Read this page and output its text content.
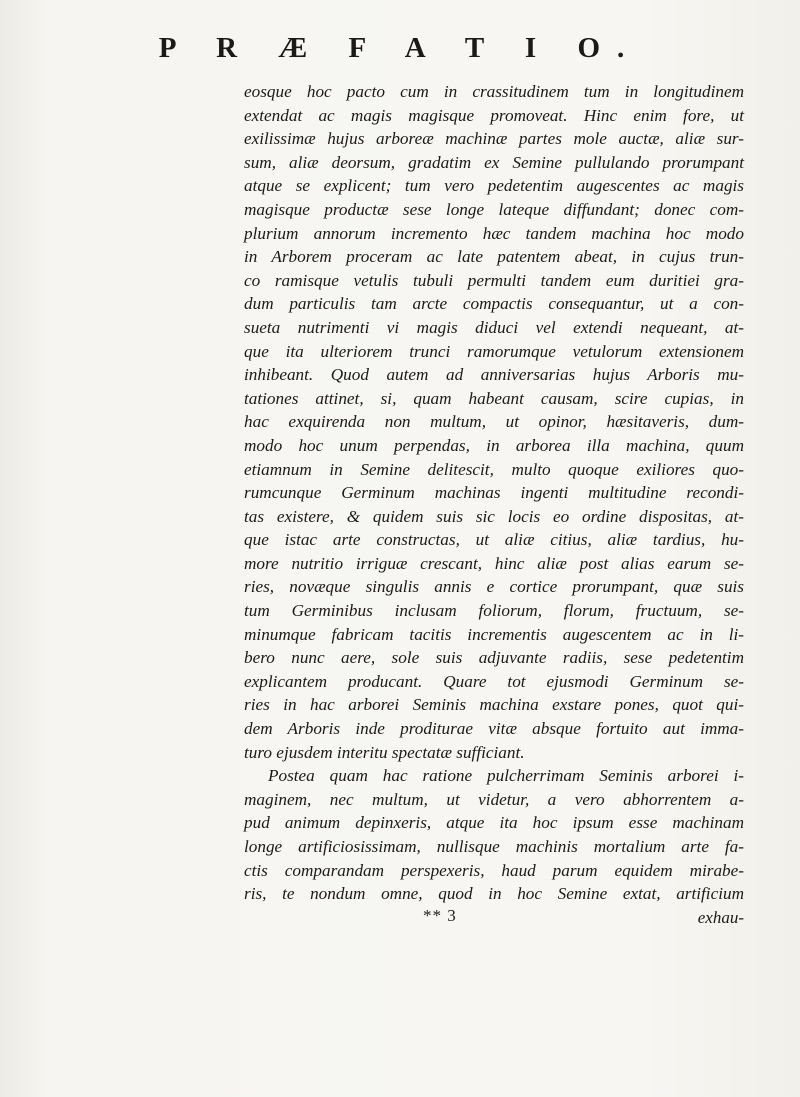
P R Æ F A T I O.
eosque hoc pacto cum in crassitudinem tum in longitudinem
extendat ac magis magisque promoveat. Hinc enim fore, ut
exilissimæ hujus arboreæ machinæ partes mole auctæ, aliæ sur-
sum, aliæ deorsum, gradatim ex Semine pullulando prorumpant
atque se explicent; tum vero pedetentim augescentes ac magis
magisque productæ sese longe lateque diffundant; donec com-
plurium annorum incremento hæc tandem machina hoc modo
in Arborem proceram ac late patentem abeat, in cujus trun-
co ramisque vetulis tubuli permulti tandem eum duritiei gra-
dum particulis tam arcte compactis consequantur, ut a con-
sueta nutrimenti vi magis diduci vel extendi nequeant, at-
que ita ulteriorem trunci ramorumque vetulorum extensionem
inhibeant. Quod autem ad anniversarias hujus Arboris mu-
tationes attinet, si, quam habeant causam, scire cupias, in
hac exquirenda non multum, ut opinor, hæsitaveris, dum-
modo hoc unum perpendas, in arborea illa machina, quum
etiamnum in Semine delitescit, multo quoque exiliores quo-
rumcunque Germinum machinas ingenti multitudine recondi-
tas existere, & quidem suis sic locis eo ordine dispositas, at-
que istac arte constructas, ut aliæ citius, aliæ tardius, hu-
more nutritio irriguæ crescant, hinc aliæ post alias earum se-
ries, novæque singulis annis e cortice prorumpant, quæ suis
tum Germinibus inclusam foliorum, florum, fructuum, se-
minumque fabricam tacitis incrementis augescentem ac in li-
bero nunc aere, sole suis adjuvante radiis, sese pedetentim
explicantem producant. Quare tot ejusmodi Germinum se-
ries in hac arborei Seminis machina exstare pones, quot qui-
dem Arboris inde proditurae vitæ absque fortuito aut imma-
turo ejusdem interitu spectatæ sufficiant.
Postea quam hac ratione pulcherrimam Seminis arborei i-
maginem, nec multum, ut videtur, a vero abhorrentem a-
pud animum depinxeris, atque ita hoc ipsum esse machinam
longe artificiosissimam, nullisque machinis mortalium arte fa-
ctis comparandam perspexeris, haud parum equidem mirabe-
ris, te nondum omne, quod in hoc Semine extat, artificium
** 3	exhau-
